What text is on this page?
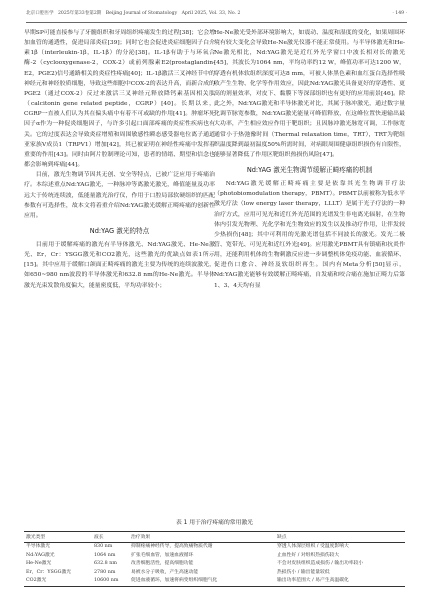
北京口腔医学 2025年第33卷第2期 Beijing Journal of Stomatology April 2025, Vol. 33, No. 2	· 149 ·

早期SP可能直接参与了牙髓组织和牙周组织疼痛发生的过程[38]；它会增加血管的通透性，促进局部炎症[39]；同时它也会促进炎症细胞因子白介素1β（interleukin-1β，IL-1β）的分泌[38]。IL-1β有助于与环氧合酶-2（cyclooxygenase-2，COX-2）或前列腺素E2(prostaglandin-E2，PGE2)信号通路相关的炎症性疼痛[40]；IL-1β激活三叉神经节中的神经元和神经胶质细胞，导致这些细胞中COX-2的表达升高，而新合成的PGE2（通过COX-2）反过来激活三叉神经元释放降钙素基因相关肽（calcitonin gene related peptide，CGRP）[40]。长期以来，CGRP一直被人们认为其在偏头痛中有着不可或缺的作用[41]。肿瘤坏死因子α作为一种促炎细胞因子，与许多引起口面部疼痛的炎症性疾病也有关。它的过度表达会导致炎症增殖和周围敏感性瞬态感受器电位离子通道亚家族V成员1（TRPV1）增加[42]，其已被证明在神经性疼痛中发挥着重要的作用[43]。同时由阿片腔制理论可知，患者的情绪、期望和信念也都会影响到疼痛[44]。

目前，激光生物调节因其无创、安全等特点，已被广泛应用于疼痛治疗。本综述重点Nd:YAG激光，一种脉冲等离激光激光，峰值能量及功率远大于传统连续波，低能量激光治疗仪，作用于口腔局部软硬组织的匹配参数有可选择性，故本文将着重介绍Nd:YAG激光缓解正畸疼痛的创新性应用。

Nd:YAG 激光的特点

目前用于缓解疼痛的激光有半导体激光、Nd:YAG激光、He-Ne激光、Er，Cr：YSGG激光和CO2激光，这些激光的优缺点如表1所示[15]。其中应用于缓解口颌面正畸疼痛的激光主要为传统的连续波激光，如650~980 nm波段的半导体激光和632.8 nm的He-Ne激光。半导体激光光束发散角度偏大，能量密度低，平均功率较小；

He-Ne激光受外部环境影响大，如震动、温度和湿度的变化，如果周围环境有较大变化会导致He-Ne激光仪器不能正常使用。与半导体激光和He-Ne激光相比，Nd:YAG激光是近红外光学窗口中波长相对长的激光[45]，其波长为1064 nm，平均功率约12 W，峰值功率可达1200 W，穿透有机体软组织深度可达8 mm，可被人体黑色素和血红蛋白选择性吸收产生生物、化学等作用效应，因此Nd:YAG激光具备更好的穿透性、更高的剂量效率，对皮下、黏膜下等深部组织也有更好的应用前景[46]。除此之外，Nd:YAG激光和半导体激光对比，其属于脉冲激光，通过数字量化调节脉宽参数，Nd:YAG激光能量可峰值释放，在这峰位置快速输出最大功率，产生相应效应作用于靶组织；且因脉冲激光脉宽可调，工作脉宽通常小于热弛豫时间（Thermal relaxation time，TRT），TRT为靶组织温度降到最初温度50%所需时间，对病眼周围健康组织损伤有自限性，能够显著降低了作用区靶组织热损伤风险[47]。

Nd:YAG 激光生物调节缓解正畸疼痛的机制

Nd:YAG激光缓解正畸疼痛主要是依靠其光生物调节疗法（photobiomodulation therapy，PBMT）。PBMT以前被称为低水平激光疗法（low energy laser therapy，LLLT）是属于光子疗法的一种治疗方式，应用可见光和近红外光范围的光谱发生非电离光辐射，在生物体内引发光物理、光化学和光生物效应的发生以及推动疗作用，让伴发较少热损伤[48]；其中可利用的光激光谱包括不同波长的激光。发光二极管、宽带光、可见光和近红外光[49]。应用激光PBMT具有镇痛和抗炎作用，还能利用机体的生物刺激反应进一步调整机体免疫功能、血液循环、促进伤口愈合、神经及软组织再生。国内有Meta分析[50]显示，Nd:YAG激光能够有效缓解正畸疼痛，自发痛和咬合痛在施加正畸力后第1、3、4天均有显

表 1 用于治疗疼痛的常用激光
激光类型	波长	治疗效果	缺点
半导体激光	830 nm	抑制疼痛神经传导，提高致痛物质代谢	穿透人体深层组织 / 受温度影响大
Nd:YAG激光	1064 nm	扩张毛细血管，加速血液循环	止血性好 / 对组织热损伤较大
He-Ne激光	632.8 nm	改善细胞活性，提高细胞功能	不会对皮肤组织造成损伤 / 输出功率较小
Er，Cr：YSGG激光	2780 nm	易被水分子吸收，产生高速动能	热损伤小 / 输出能量较低
CO2激光	10600 nm	促进血液循环，加速将病变组织细胞气化	输出功率范围大 / 易产生高温碳化
